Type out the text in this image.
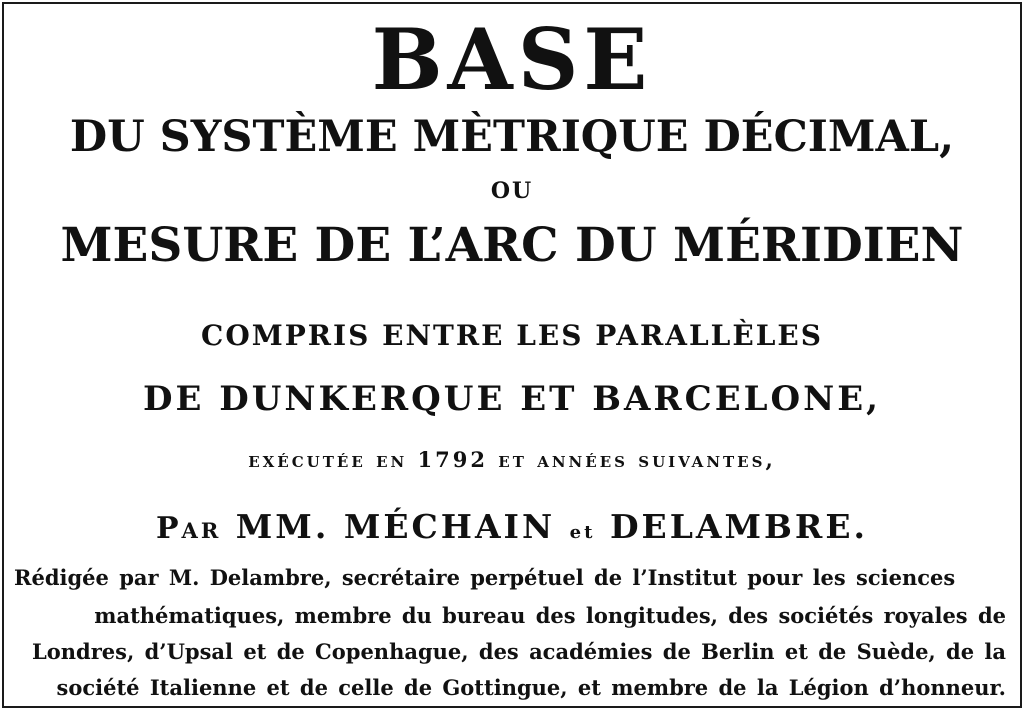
BASE
DU SYSTÈME MÈTRIQUE DÉCIMAL,
OU
MESURE DE L’ARC DU MÉRIDIEN
COMPRIS ENTRE LES PARALLÈLES
DE DUNKERQUE ET BARCELONE,
exécutée en 1792 et années suivantes,
Par MM. MÉCHAIN et DELAMBRE.
Rédigée par M. Delambre, secrétaire perpétuel de l’Institut pour les sciences
mathématiques, membre du bureau des longitudes, des sociétés royales de
Londres, d’Upsal et de Copenhague, des académies de Berlin et de Suède, de la
société Italienne et de celle de Gottingue, et membre de la Légion d’honneur.
